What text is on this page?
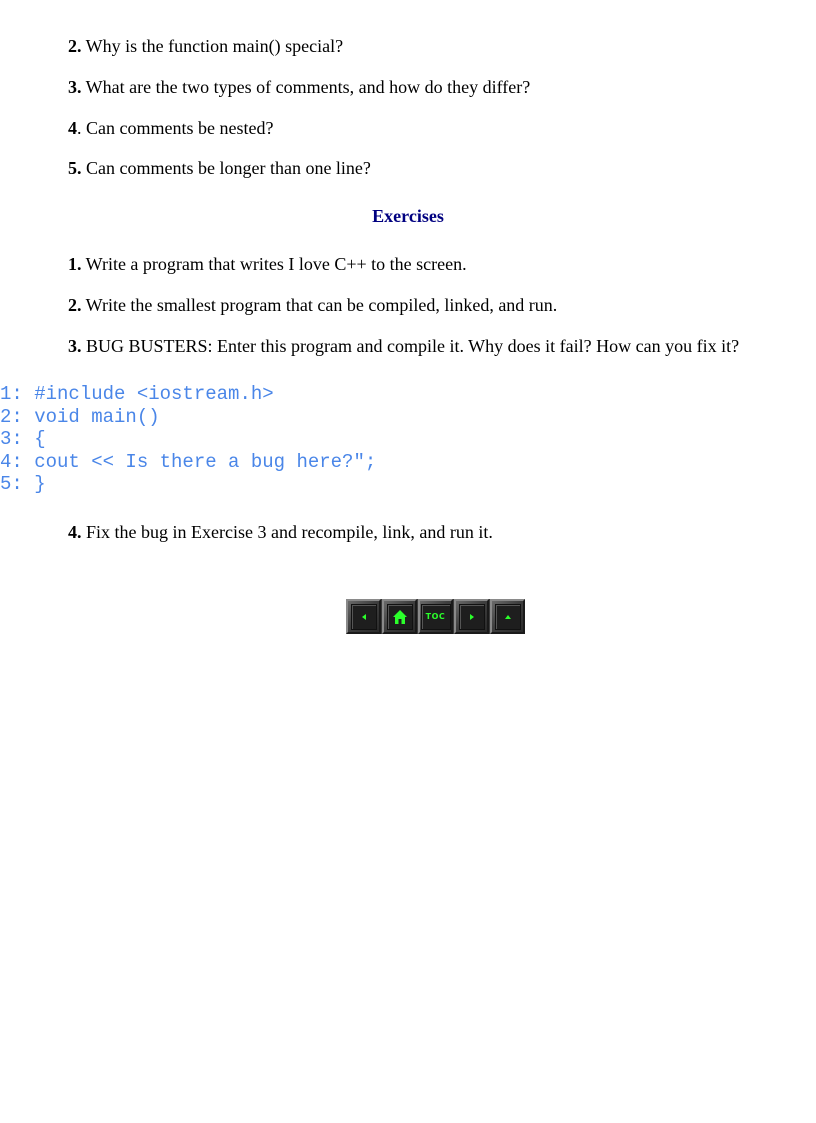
2. Why is the function main() special?

3. What are the two types of comments, and how do they differ?

4. Can comments be nested?

5. Can comments be longer than one line?

Exercises

1. Write a program that writes I love C++ to the screen.

2. Write the smallest program that can be compiled, linked, and run.

3. BUG BUSTERS: Enter this program and compile it. Why does it fail? How can you fix it?

1: #include <iostream.h>
2: void main()
3: {
4: cout << Is there a bug here?";
5: }

4. Fix the bug in Exercise 3 and recompile, link, and run it.

TOC
